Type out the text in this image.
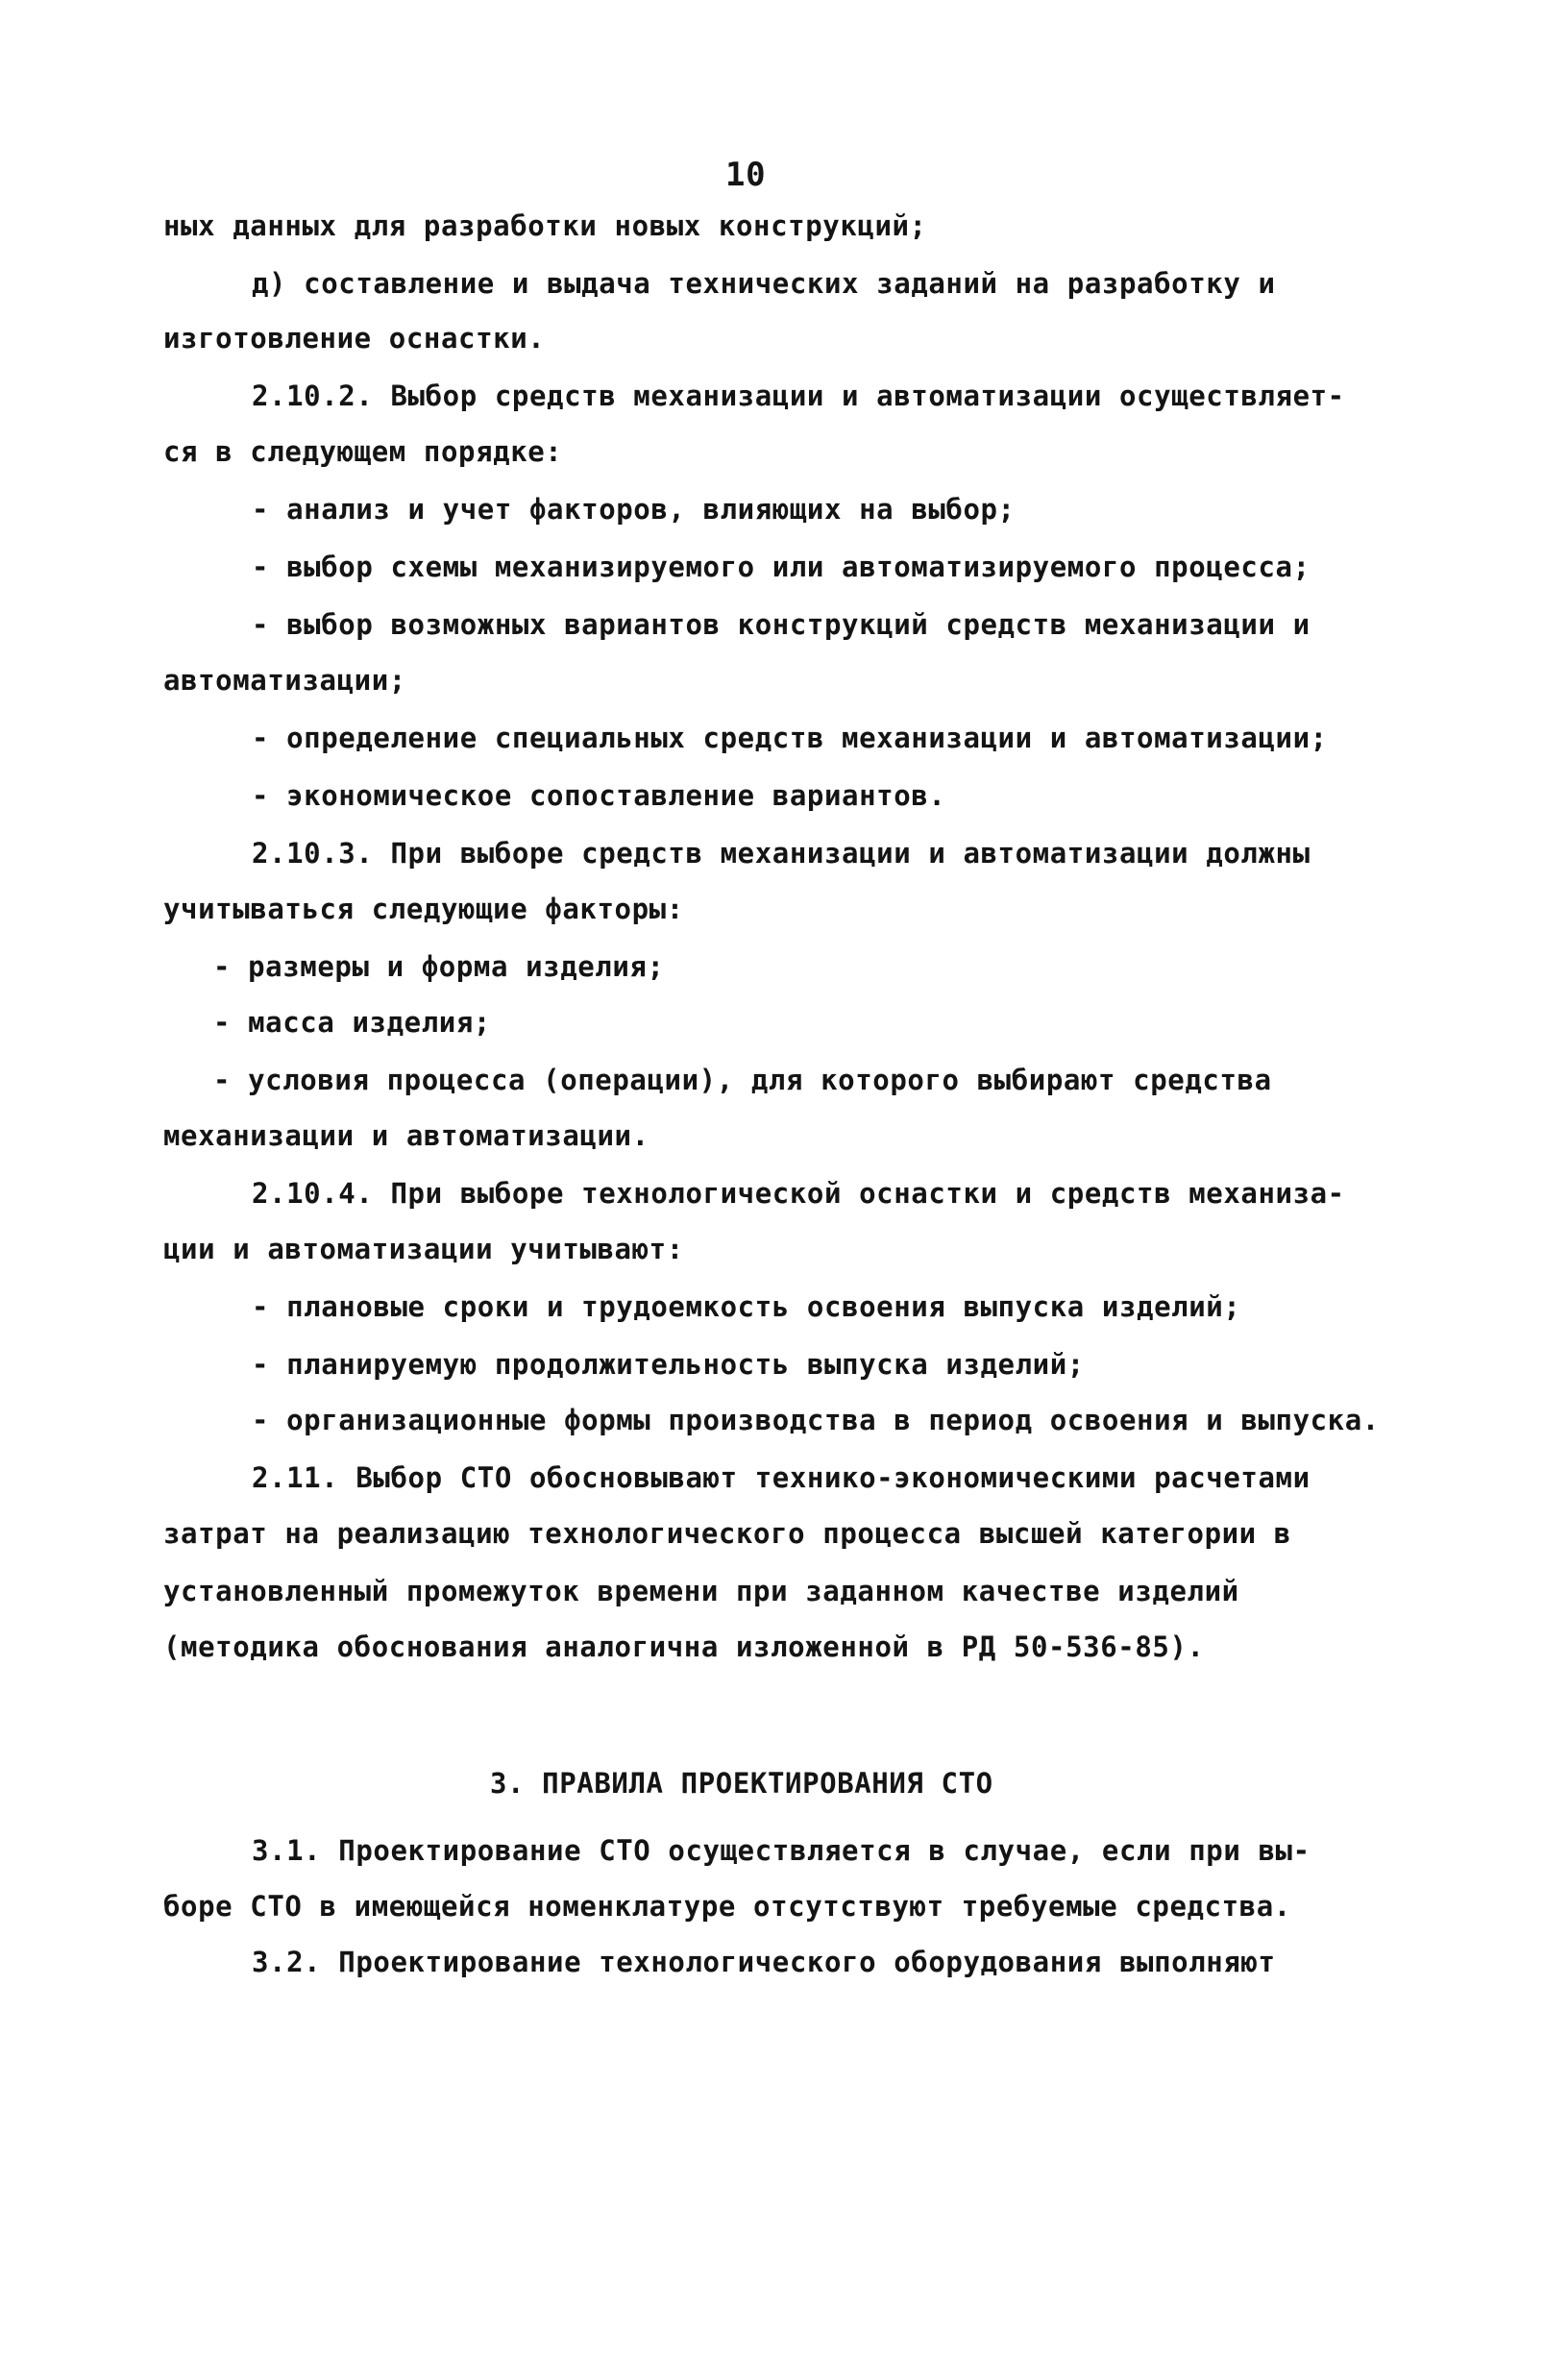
10
ных данных для разработки новых конструкций;
д) составление и выдача технических заданий на разработку и
изготовление оснастки.
2.10.2. Выбор средств механизации и автоматизации осуществляет-
ся в следующем порядке:
- анализ и учет факторов, влияющих на выбор;
- выбор схемы механизируемого или автоматизируемого процесса;
- выбор возможных вариантов конструкций средств механизации и
автоматизации;
- определение специальных средств механизации и автоматизации;
- экономическое сопоставление вариантов.
2.10.3. При выборе средств механизации и автоматизации должны
учитываться следующие факторы:
- размеры и форма изделия;
- масса изделия;
- условия процесса (операции), для которого выбирают средства
механизации и автоматизации.
2.10.4. При выборе технологической оснастки и средств механиза-
ции и автоматизации учитывают:
- плановые сроки и трудоемкость освоения выпуска изделий;
- планируемую продолжительность выпуска изделий;
- организационные формы производства в период освоения и выпуска.
2.11. Выбор СТО обосновывают технико-экономическими расчетами
затрат на реализацию технологического процесса высшей категории в
установленный промежуток времени при заданном качестве изделий
(методика обоснования аналогична изложенной в РД 50-536-85).
3. ПРАВИЛА ПРОЕКТИРОВАНИЯ СТО
3.1. Проектирование СТО осуществляется в случае, если при вы-
боре СТО в имеющейся номенклатуре отсутствуют требуемые средства.
3.2. Проектирование технологического оборудования выполняют
